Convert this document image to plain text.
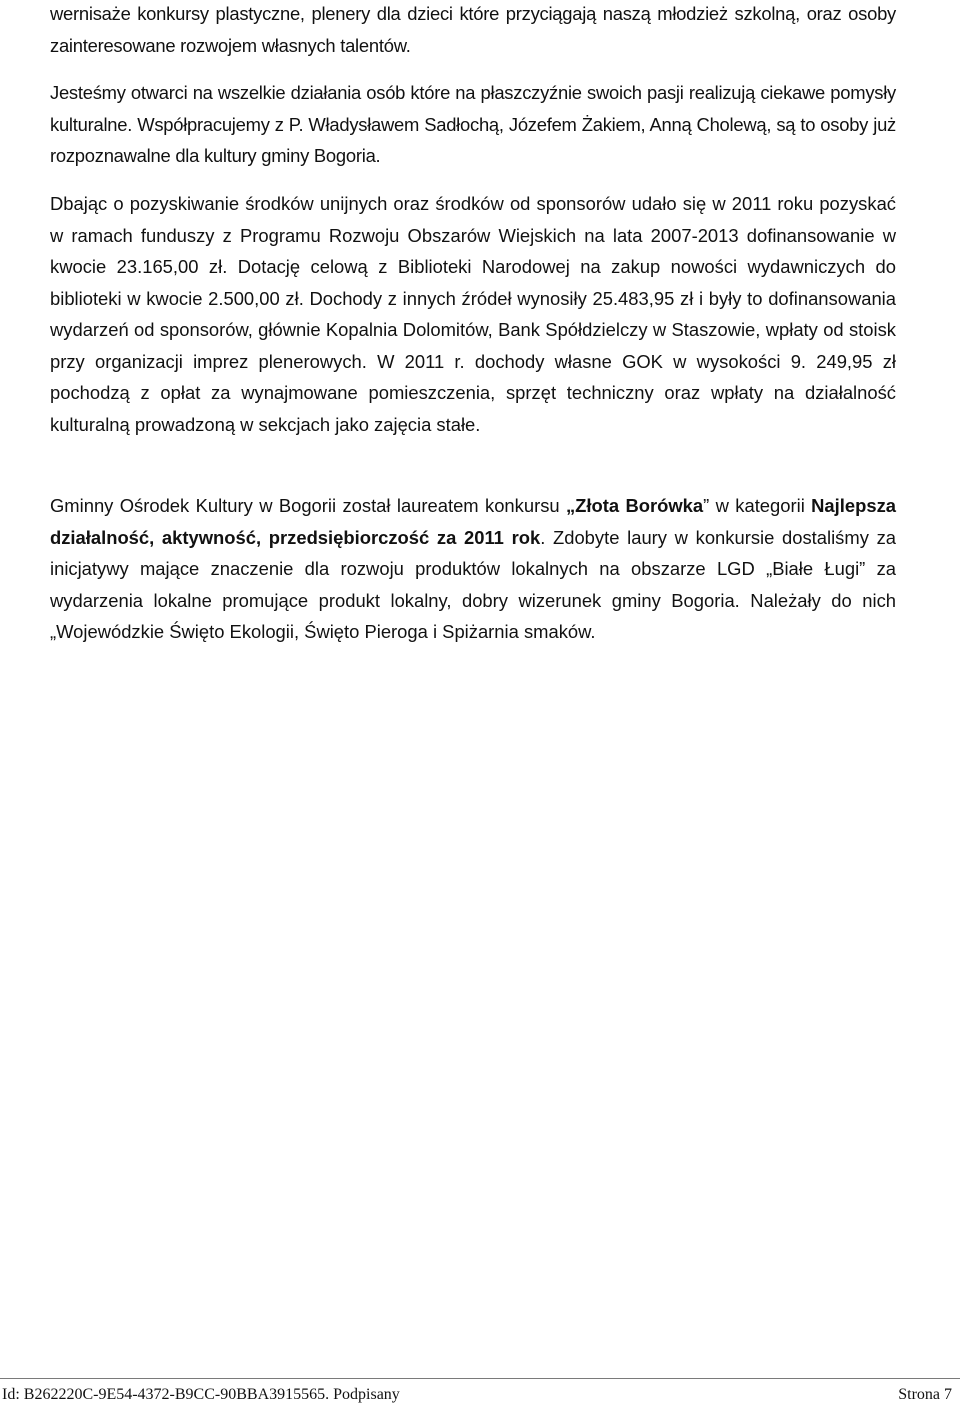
wernisaże konkursy plastyczne, plenery dla dzieci które przyciągają naszą młodzież szkolną, oraz osoby zainteresowane rozwojem własnych talentów.

Jesteśmy otwarci na wszelkie działania osób które na płaszczyźnie swoich pasji realizują ciekawe pomysły kulturalne. Współpracujemy z P. Władysławem Sadłochą, Józefem Żakiem, Anną Cholewą, są to osoby już rozpoznawalne dla kultury gminy Bogoria.

Dbając o pozyskiwanie środków unijnych oraz środków od sponsorów udało się w 2011 roku pozyskać w ramach funduszy z Programu Rozwoju Obszarów Wiejskich na lata 2007-2013 dofinansowanie w kwocie 23.165,00 zł. Dotację celową z Biblioteki Narodowej na zakup nowości wydawniczych do biblioteki w kwocie 2.500,00 zł. Dochody z innych źródeł wynosiły 25.483,95 zł i były to dofinansowania wydarzeń od sponsorów, głównie Kopalnia Dolomitów, Bank Spółdzielczy w Staszowie, wpłaty od stoisk przy organizacji imprez plenerowych. W 2011 r. dochody własne GOK w wysokości 9. 249,95 zł pochodzą z opłat za wynajmowane pomieszczenia, sprzęt techniczny oraz wpłaty na działalność kulturalną prowadzoną w sekcjach jako zajęcia stałe.

Gminny Ośrodek Kultury w Bogorii został laureatem konkursu „Złota Borówka” w kategorii Najlepsza działalność, aktywność, przedsiębiorczość za 2011 rok. Zdobyte laury w konkursie dostaliśmy za inicjatywy mające znaczenie dla rozwoju produktów lokalnych na obszarze LGD „Białe Ługi” za wydarzenia lokalne promujące produkt lokalny, dobry wizerunek gminy Bogoria. Należały do nich „Wojewódzkie Święto Ekologii, Święto Pieroga i Spiżarnia smaków.

Id: B262220C-9E54-4372-B9CC-90BBA3915565. Podpisany	Strona 7
